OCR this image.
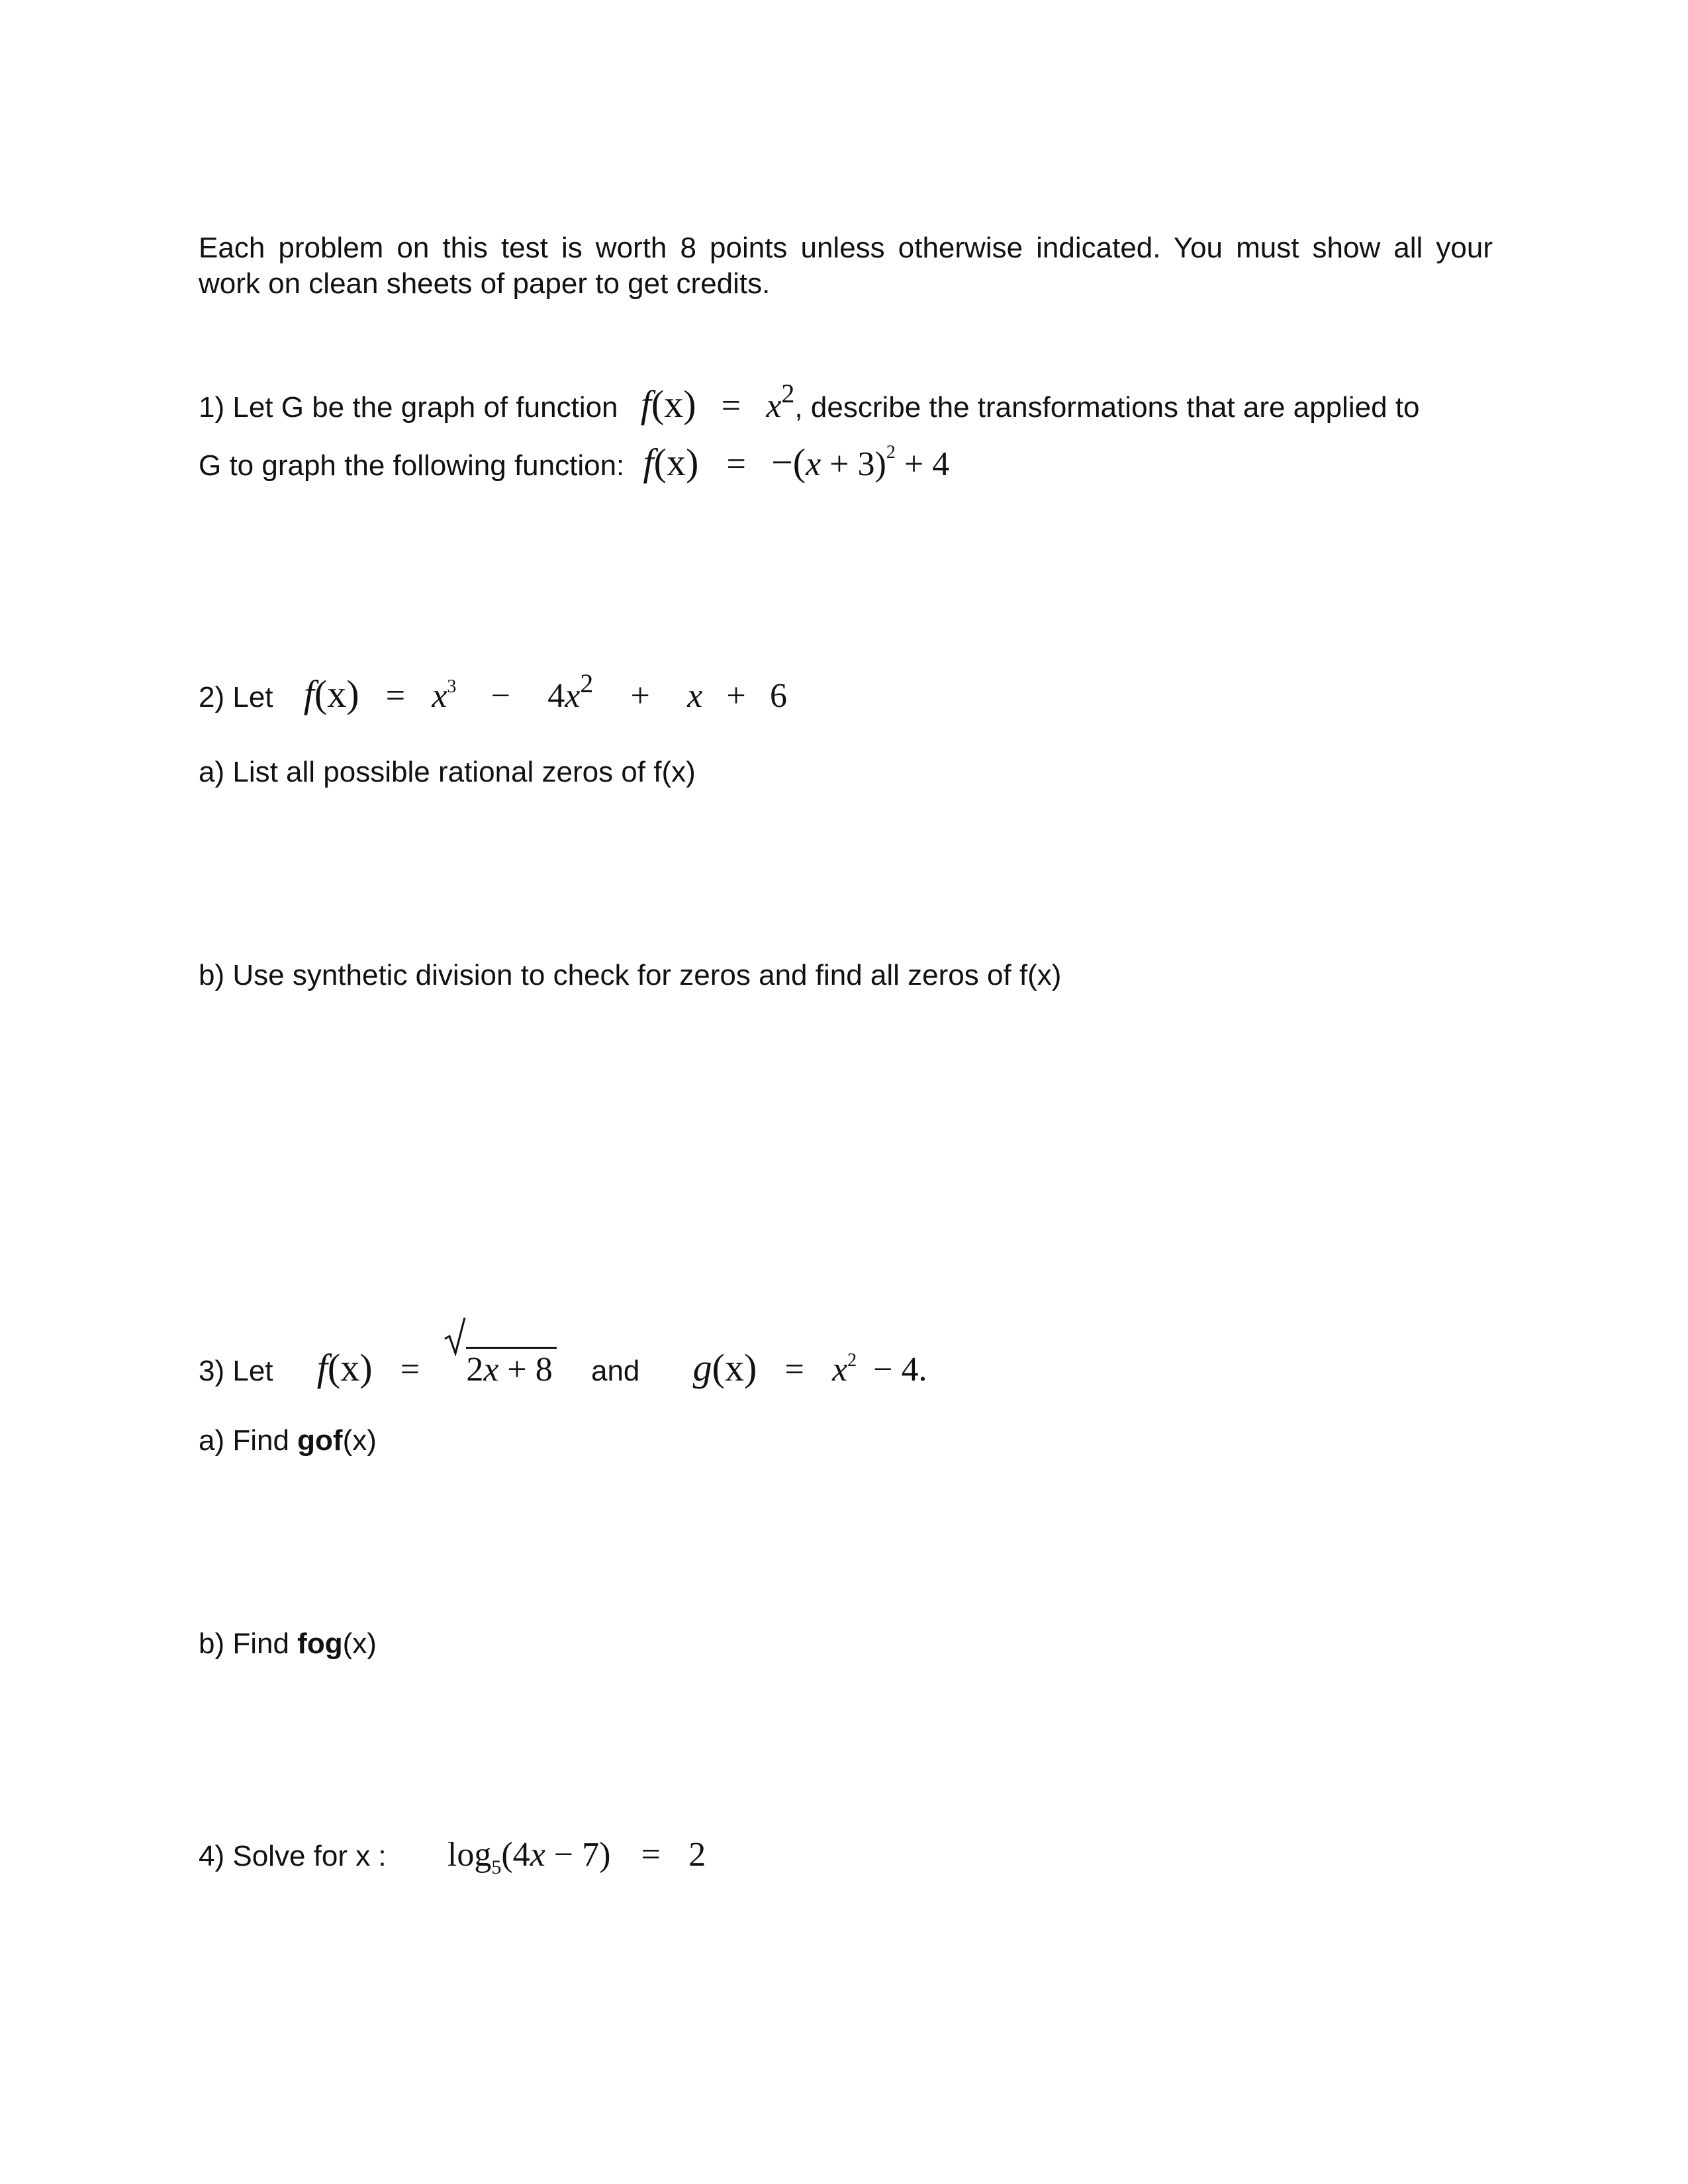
Each problem on this test is worth 8 points unless otherwise indicated. You must show all your
work on clean sheets of paper to get credits.
1) Let G be the graph of function f(x) = x2, describe the transformations that are applied to
G to graph the following function: $f(x) = -(x + 3)^2 + 4$
2) Let $f(x) = x^3 - 4x2 + x + 6$
a) List all possible rational zeros of f(x)
b) Use synthetic division to check for zeros and find all zeros of f(x)
3) Let f(x) = 2x + 8 and $g(x) = x^2 - 4$.
a) Find gof(x)
b) Find fog(x)
4) Solve for x : $\log_5(4x - 7) = 2$
